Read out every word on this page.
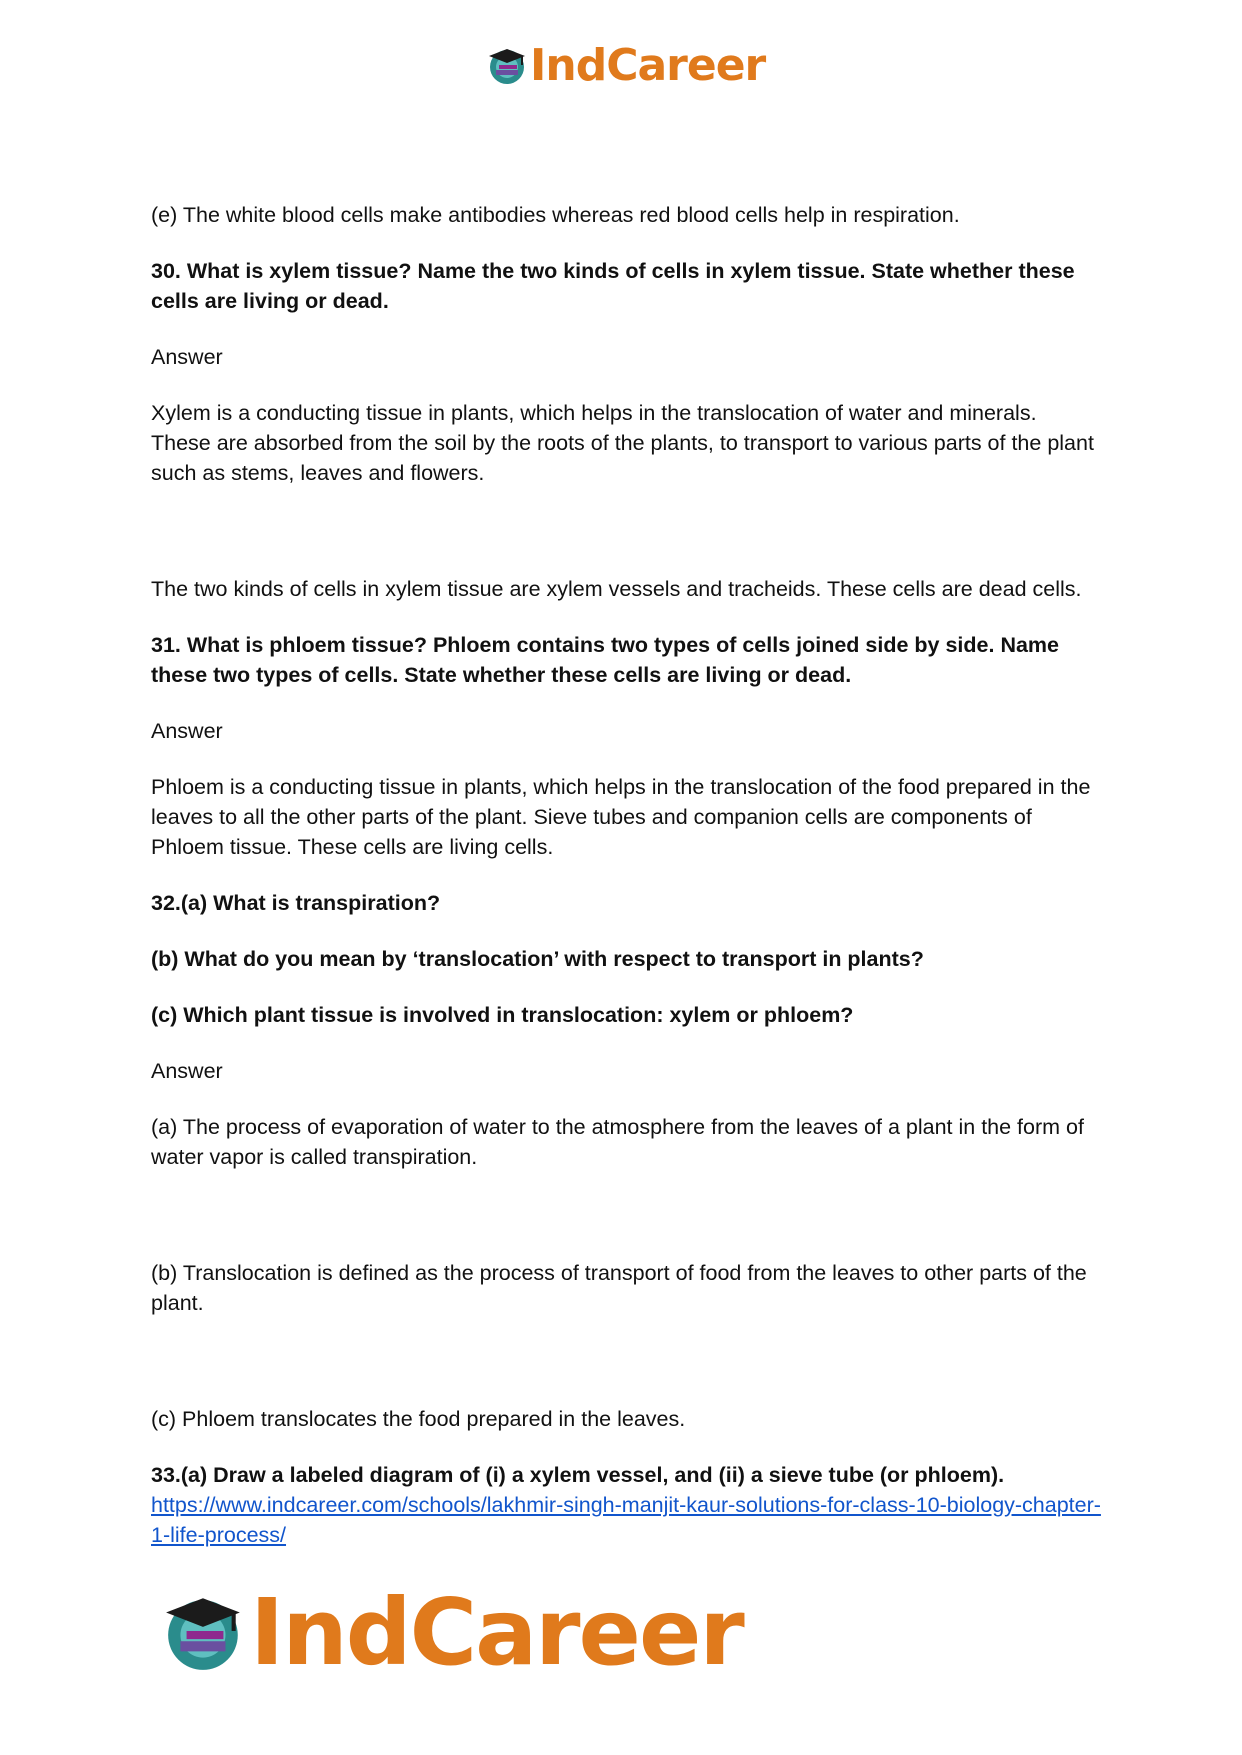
IndCareer

(e) The white blood cells make antibodies whereas red blood cells help in respiration.

30. What is xylem tissue? Name the two kinds of cells in xylem tissue. State whether these cells are living or dead.

Answer

Xylem is a conducting tissue in plants, which helps in the translocation of water and minerals. These are absorbed from the soil by the roots of the plants, to transport to various parts of the plant such as stems, leaves and flowers.

The two kinds of cells in xylem tissue are xylem vessels and tracheids. These cells are dead cells.

31. What is phloem tissue? Phloem contains two types of cells joined side by side. Name these two types of cells. State whether these cells are living or dead.

Answer

Phloem is a conducting tissue in plants, which helps in the translocation of the food prepared in the leaves to all the other parts of the plant. Sieve tubes and companion cells are components of Phloem tissue. These cells are living cells.

32.(a) What is transpiration?

(b) What do you mean by ‘translocation’ with respect to transport in plants?

(c) Which plant tissue is involved in translocation: xylem or phloem?

Answer

(a) The process of evaporation of water to the atmosphere from the leaves of a plant in the form of water vapor is called transpiration.

(b) Translocation is defined as the process of transport of food from the leaves to other parts of the plant.

(c) Phloem translocates the food prepared in the leaves.

33.(a) Draw a labeled diagram of (i) a xylem vessel, and (ii) a sieve tube (or phloem).

https://www.indcareer.com/schools/lakhmir-singh-manjit-kaur-solutions-for-class-10-biology-chapter-1-life-process/
IndCareer
